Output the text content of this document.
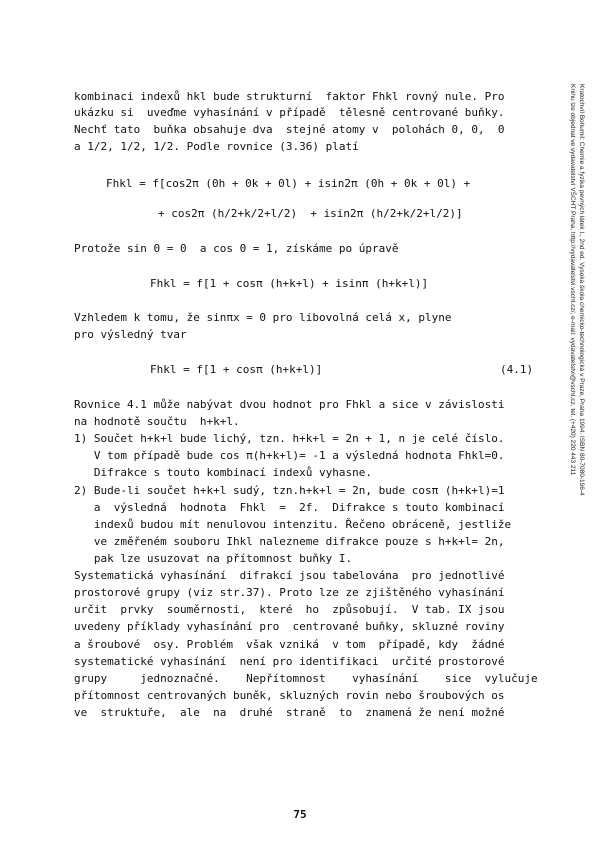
kombinaci indexů hkl bude strukturní  faktor Fhkl rovný nule. Pro
ukázku si  uveďme vyhasínání v případě  tělesně centrované buňky.
Nechť tato  buňka obsahuje dva  stejné atomy v  polohách 0, 0,  0
a 1/2, 1/2, 1/2. Podle rovnice (3.36) platí
Fhkl = f[cos2π (0h + 0k + 0l) + isin2π (0h + 0k + 0l) +
+ cos2π (h/2+k/2+l/2)  + isin2π (h/2+k/2+l/2)]
Protože sin 0 = 0  a cos 0 = 1, získáme po úpravě
Fhkl = f[1 + cosπ (h+k+l) + isinπ (h+k+l)]
Vzhledem k tomu, že sinπx = 0 pro libovolná celá x, plyne
pro výsledný tvar
Fhkl = f[1 + cosπ (h+k+l)]	(4.1)
Rovnice 4.1 může nabývat dvou hodnot pro Fhkl a sice v závislosti
na hodnotě součtu  h+k+l.
1) Součet h+k+l bude lichý, tzn. h+k+l = 2n + 1, n je celé číslo.
V tom případě bude cos π(h+k+l)= -1 a výsledná hodnota Fhkl=0.
Difrakce s touto kombinací indexů vyhasne.
2) Bude-li součet h+k+l sudý, tzn.h+k+l = 2n, bude cosπ (h+k+l)=1
a  výsledná  hodnota  Fhkl  =  2f.  Difrakce s touto kombinací
indexů budou mít nenulovou intenzitu. Řečeno obráceně, jestliže
ve změřeném souboru Ihkl nalezneme difrakce pouze s h+k+l= 2n,
pak lze usuzovat na přítomnost buňky I.
Systematická vyhasínání  difrakcí jsou tabelována  pro jednotlivé
prostorové grupy (viz str.37). Proto lze ze zjištěného vyhasínání
určit  prvky  souměrnosti,  které  ho  způsobují.  V tab. IX jsou
uvedeny příklady vyhasínání pro  centrované buňky, skluzné roviny
a šroubové  osy. Problém  však vzniká  v tom  případě, kdy  žádné
systematické vyhasínání  není pro identifikaci  určité prostorové
grupy     jednoznačné.    Nepřítomnost    vyhasínání    sice  vylučuje
přítomnost centrovaných buněk, skluzných rovin nebo šroubových os
ve  struktuře,  ale  na  druhé  straně  to  znamená že není možné
75
Kratochvíl Bohumil: Chemie a fyzika pevných látek I., 2nd ed. Vysoká škola chemicko-technologická v Praze, Praha 1994. ISBN 80-7080-196-4
Knihu lze objednat ve vydavatelství VŠCHT Praha, http://vydavatelstvi.vscht.cz/, e-mail: vydavatelstvi@vscht.cz, tel. (+420) 220 443 211
